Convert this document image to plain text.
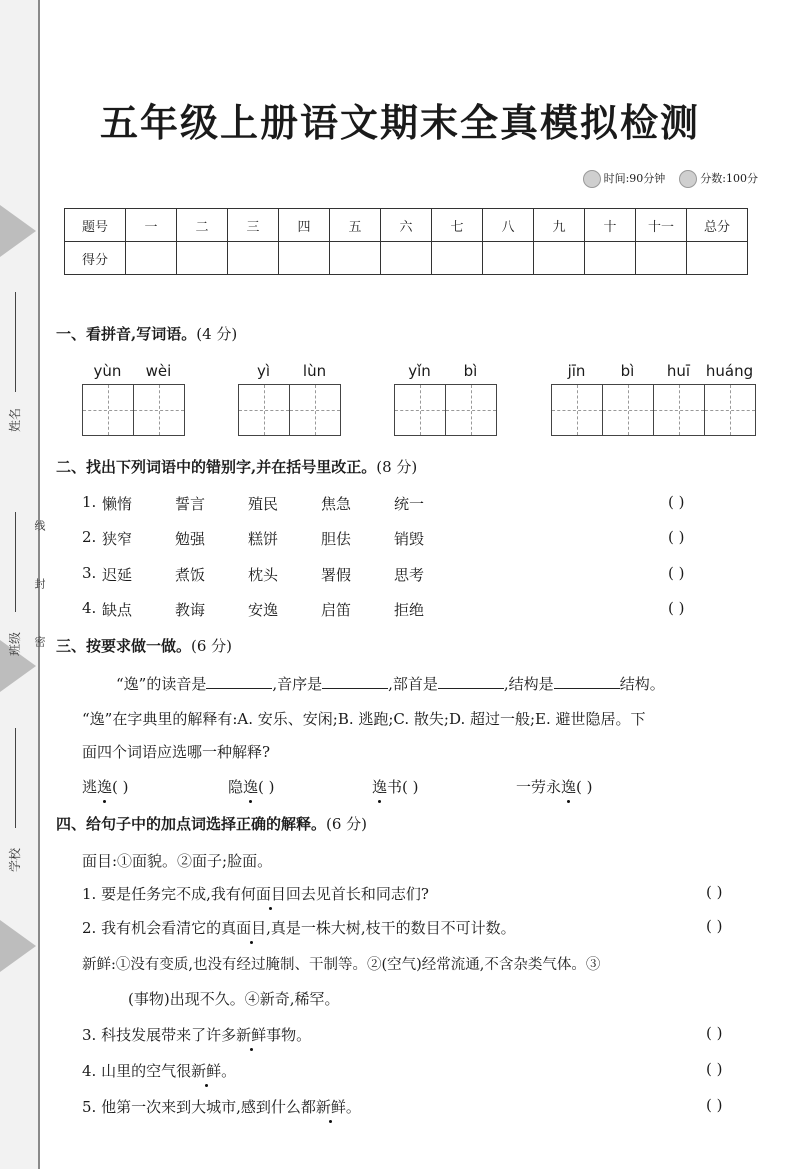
姓名
班级
学校
线
封
密
五年级上册语文期末全真模拟检测
时间:90分钟	分数:100分
题号	一	二	三	四	五	六	七	八	九	十	十一	总分
得分												
一、看拼音,写词语。(4 分)
yùn	wèi	yì	lùn	yǐn	bì	jīn	bì	huī	huáng
二、找出下列词语中的错别字,并在括号里改正。(8 分)
1. 懒惰	誓言	殖民	焦急	统一	( )
2. 狭窄	勉强	糕饼	胆佉	销毁	( )
3. 迟延	煮饭	枕头	署假	思考	( )
4. 缺点	教诲	安逸	启笛	拒绝	( )
三、按要求做一做。(6 分)
“逸”的读音是	,音序是	,部首是	,结构是	结构。
“逸”在字典里的解释有:A. 安乐、安闲;B. 逃跑;C. 散失;D. 超过一般;E. 避世隐居。下
面四个词语应选哪一种解释?
逃逸( )	隐逸( )	逸书( )	一劳永逸( )
四、给句子中的加点词选择正确的解释。(6 分)
面目:①面貌。②面子;脸面。
1. 要是任务完不成,我有何面目回去见首长和同志们?	( )
2. 我有机会看清它的真面目,真是一株大树,枝干的数目不可计数。	( )
新鲜:①没有变质,也没有经过腌制、干制等。②(空气)经常流通,不含杂类气体。③
(事物)出现不久。④新奇,稀罕。
3. 科技发展带来了许多新鲜事物。	( )
4. 山里的空气很新鲜。	( )
5. 他第一次来到大城市,感到什么都新鲜。	( )
